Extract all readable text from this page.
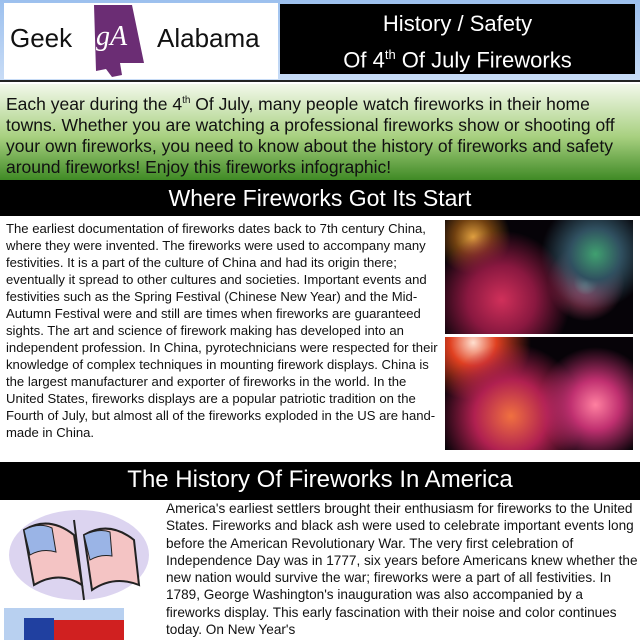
Geek gA Alabama	History / Safety
Of 4th Of July Fireworks
Each year during the 4th Of July, many people watch fireworks in their home towns. Whether you are watching a professional fireworks show or shooting off your own fireworks, you need to know about the history of fireworks and safety around fireworks! Enjoy this fireworks infographic!
Where Fireworks Got Its Start
The earliest documentation of fireworks dates back to 7th century China, where they were invented. The fireworks were used to accompany many festivities. It is a part of the culture of China and had its origin there; eventually it spread to other cultures and societies. Important events and festivities such as the Spring Festival (Chinese New Year) and the Mid-Autumn Festival were and still are times when fireworks are guaranteed sights. The art and science of firework making has developed into an independent profession. In China, pyrotechnicians were respected for their knowledge of complex techniques in mounting firework displays. China is the largest manufacturer and exporter of fireworks in the world. In the United States, fireworks displays are a popular patriotic tradition on the Fourth of July, but almost all of the fireworks exploded in the US are hand-made in China.
The History Of Fireworks In America
America's earliest settlers brought their enthusiasm for fireworks to the United States. Fireworks and black ash were used to celebrate important events long before the American Revolutionary War. The very first celebration of Independence Day was in 1777, six years before Americans knew whether the new nation would survive the war; fireworks were a part of all festivities. In 1789, George Washington's inauguration was also accompanied by a fireworks display. This early fascination with their noise and color continues today. On New Year's
